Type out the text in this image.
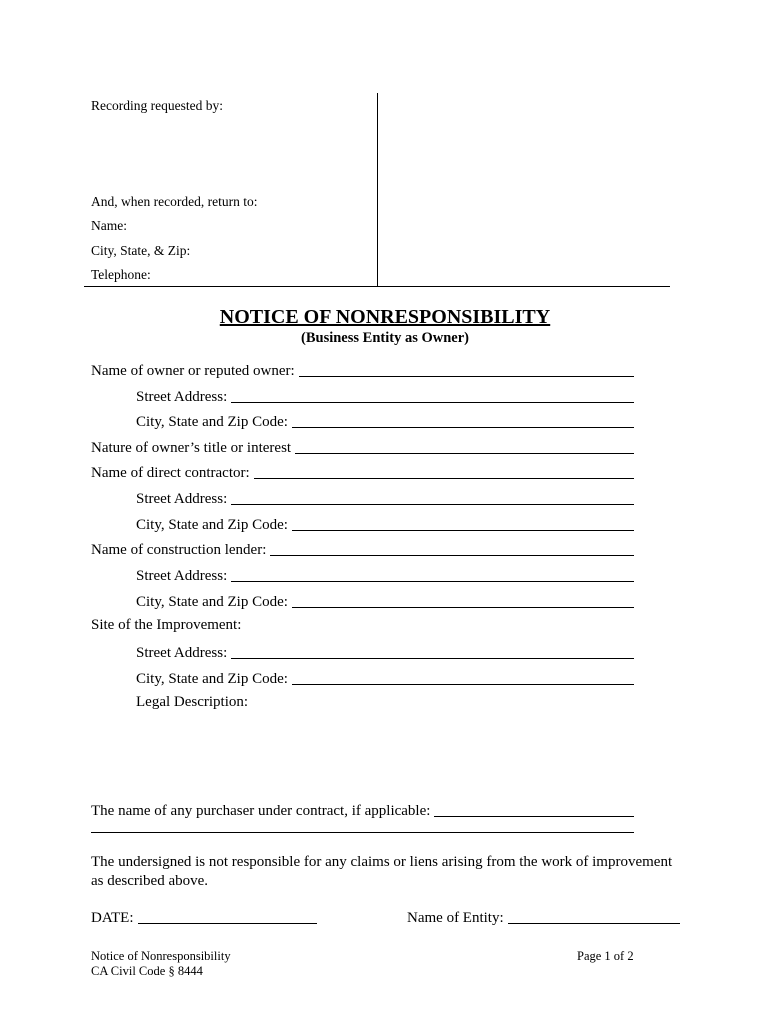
Recording requested by:
And, when recorded, return to:
Name:
City, State, & Zip:
Telephone:
NOTICE OF NONRESPONSIBILITY
(Business Entity as Owner)
Name of owner or reputed owner:
Street Address:
City, State and Zip Code:
Nature of owner’s title or interest
Name of direct contractor:
Street Address:
City, State and Zip Code:
Name of construction lender:
Street Address:
City, State and Zip Code:
Site of the Improvement:
Street Address:
City, State and Zip Code:
Legal Description:
The name of any purchaser under contract, if applicable:
The undersigned is not responsible for any claims or liens arising from the work of improvement as described above.
DATE:	Name of Entity:
Notice of Nonresponsibility
CA Civil Code § 8444
Page 1 of 2
